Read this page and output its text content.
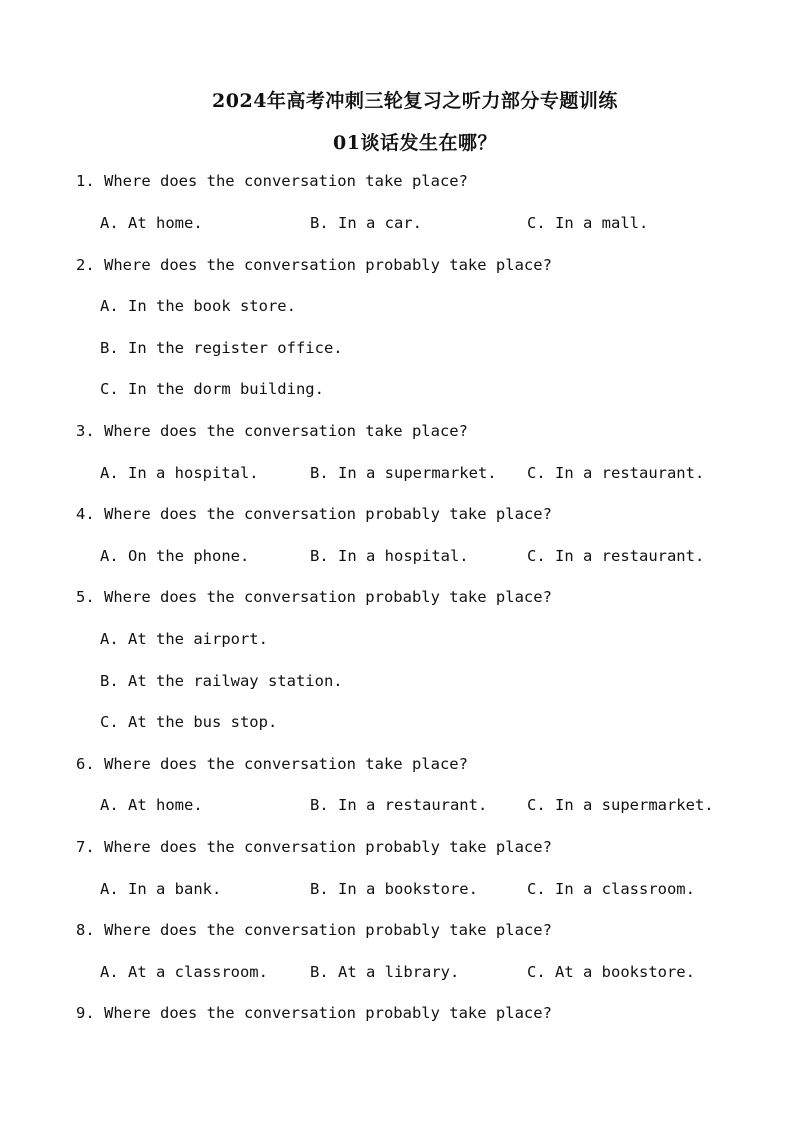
2024年高考冲刺三轮复习之听力部分专题训练
01谈话发生在哪？
1. Where does the conversation take place?
A. At home.	B. In a car.	C. In a mall.
2. Where does the conversation probably take place?
A. In the book store.
B. In the register office.
C. In the dorm building.
3. Where does the conversation take place?
A. In a hospital.	B. In a supermarket. C. In a restaurant.
4. Where does the conversation probably take place?
A. On the phone.	B. In a hospital.	C. In a restaurant.
5. Where does the conversation probably take place?
A. At the airport.
B. At the railway station.
C. At the bus stop.
6. Where does the conversation take place?
A. At home.	B. In a restaurant.	C. In a supermarket.
7. Where does the conversation probably take place?
A. In a bank.	B. In a bookstore.	C. In a classroom.
8. Where does the conversation probably take place?
A. At a classroom.	B. At a library.	C. At a bookstore.
9. Where does the conversation probably take place?
